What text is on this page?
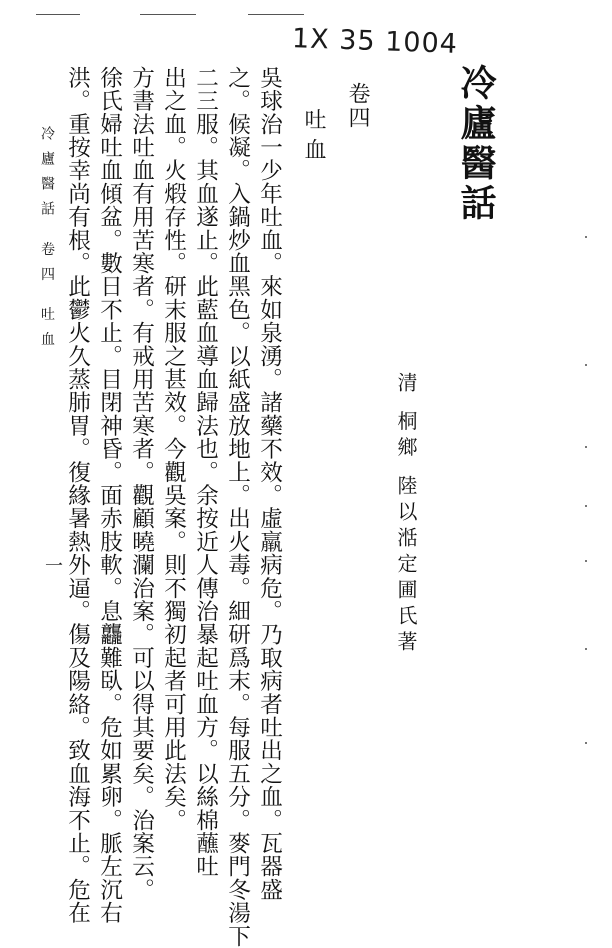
1X 35 1004
冷廬醫話
清 桐鄉 陸以湉定圃氏著
卷四
吐血
吳球治一少年吐血。來如泉湧。諸藥不效。虛羸病危。乃取病者吐出之血。瓦器盛
之。候凝。入鍋炒血黑色。以紙盛放地上。出火毒。細研爲末。每服五分。麥門冬湯下
二三服。其血遂止。此藍血導血歸法也。余按近人傳治暴起吐血方。以絲棉蘸吐
出之血。火煅存性。研末服之甚效。今觀吳案。則不獨初起者可用此法矣。
方書法吐血有用苦寒者。有戒用苦寒者。觀顧曉瀾治案。可以得其要矣。治案云。
徐氏婦吐血傾盆。數日不止。目閉神昏。面赤肢軟。息龘難臥。危如累卵。脈左沉右
洪。重按幸尚有根。此鬱火久蒸肺胃。復緣暑熱外逼。傷及陽絡。致血海不止。危在
冷廬醫話 卷四 吐血
一
